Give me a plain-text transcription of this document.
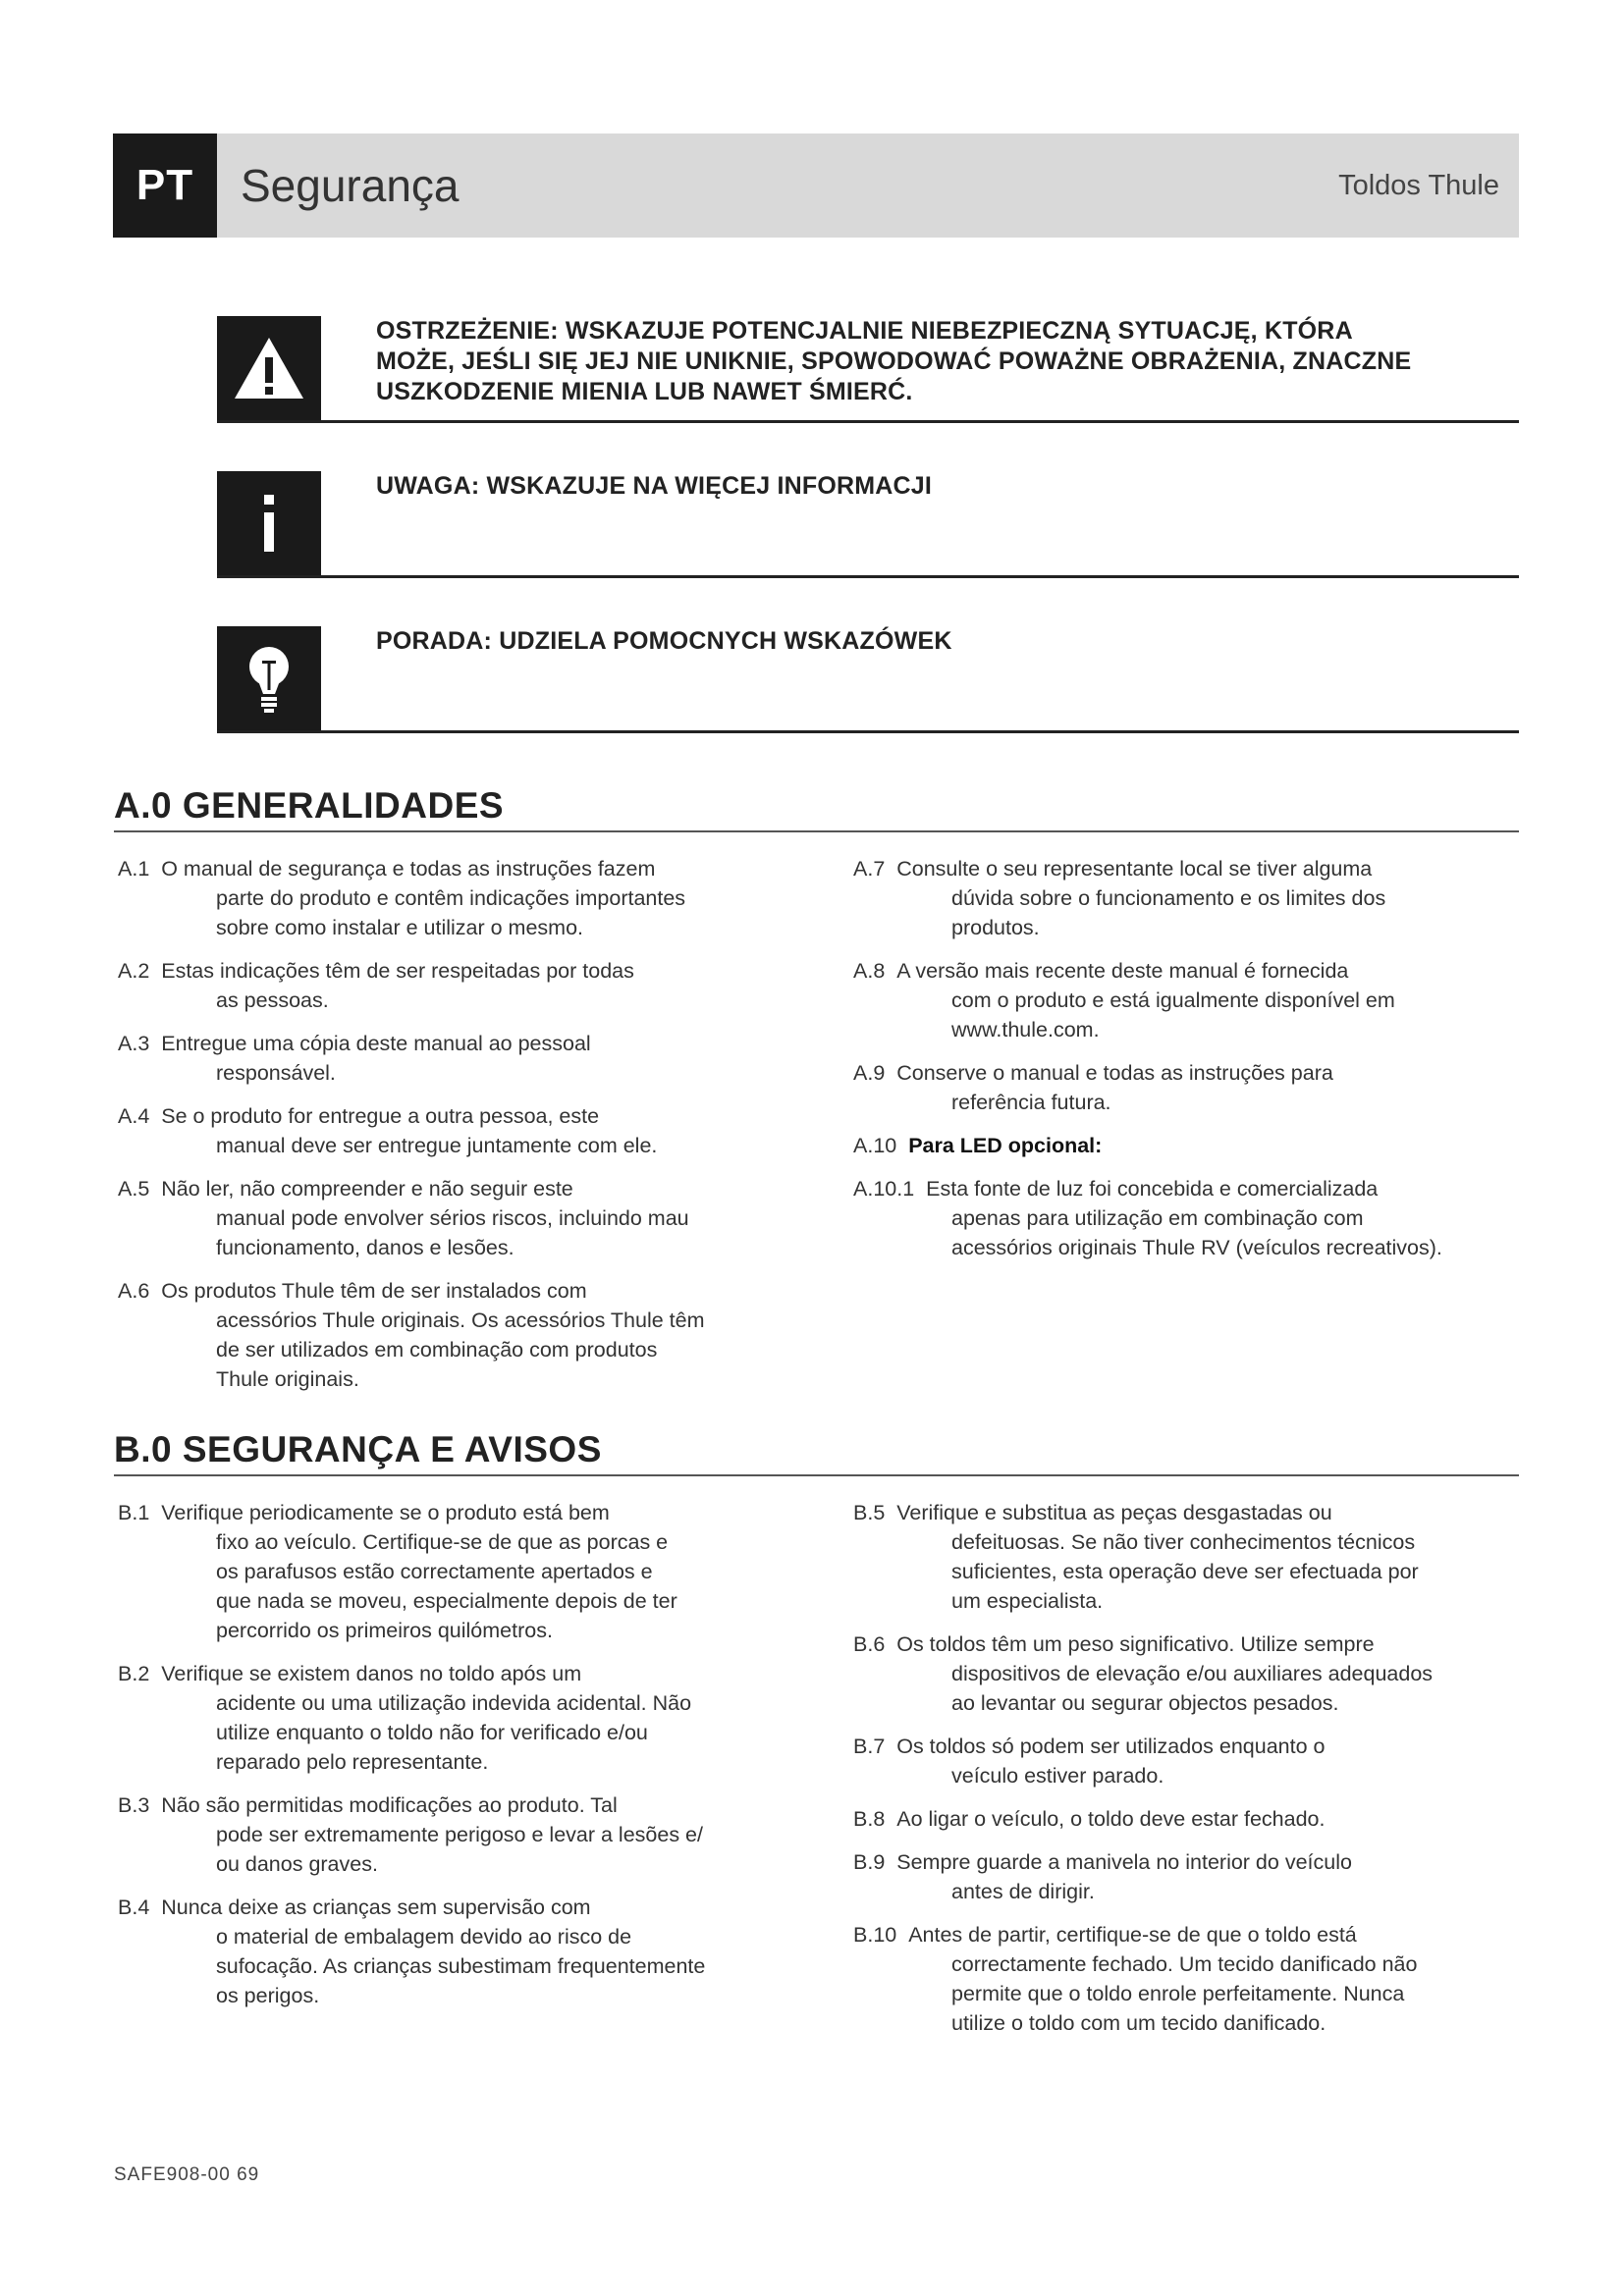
PT	Segurança	Toldos Thule
OSTRZEŻENIE: WSKAZUJE POTENCJALNIE NIEBEZPIECZNĄ SYTUACJĘ, KTÓRA
MOŻE, JEŚLI SIĘ JEJ NIE UNIKNIE, SPOWODOWAĆ POWAŻNE OBRAŻENIA, ZNACZNE
USZKODZENIE MIENIA LUB NAWET ŚMIERĆ.
UWAGA: WSKAZUJE NA WIĘCEJ INFORMACJI
PORADA: UDZIELA POMOCNYCH WSKAZÓWEK
A.0 GENERALIDADES
A.1 O manual de segurança e todas as instruções fazem
parte do produto e contêm indicações importantes
sobre como instalar e utilizar o mesmo.
A.2 Estas indicações têm de ser respeitadas por todas
as pessoas.
A.3 Entregue uma cópia deste manual ao pessoal
responsável.
A.4 Se o produto for entregue a outra pessoa, este
manual deve ser entregue juntamente com ele.
A.5 Não ler, não compreender e não seguir este
manual pode envolver sérios riscos, incluindo mau
funcionamento, danos e lesões.
A.6 Os produtos Thule têm de ser instalados com
acessórios Thule originais. Os acessórios Thule têm
de ser utilizados em combinação com produtos
Thule originais.
A.7 Consulte o seu representante local se tiver alguma
dúvida sobre o funcionamento e os limites dos
produtos.
A.8 A versão mais recente deste manual é fornecida
com o produto e está igualmente disponível em
www.thule.com.
A.9 Conserve o manual e todas as instruções para
referência futura.
A.10 Para LED opcional:
A.10.1 Esta fonte de luz foi concebida e comercializada
apenas para utilização em combinação com
acessórios originais Thule RV (veículos recreativos).
B.0 SEGURANÇA E AVISOS
B.1 Verifique periodicamente se o produto está bem
fixo ao veículo. Certifique-se de que as porcas e
os parafusos estão correctamente apertados e
que nada se moveu, especialmente depois de ter
percorrido os primeiros quilómetros.
B.2 Verifique se existem danos no toldo após um
acidente ou uma utilização indevida acidental. Não
utilize enquanto o toldo não for verificado e/ou
reparado pelo representante.
B.3 Não são permitidas modificações ao produto. Tal
pode ser extremamente perigoso e levar a lesões e/
ou danos graves.
B.4 Nunca deixe as crianças sem supervisão com
o material de embalagem devido ao risco de
sufocação. As crianças subestimam frequentemente
os perigos.
B.5 Verifique e substitua as peças desgastadas ou
defeituosas. Se não tiver conhecimentos técnicos
suficientes, esta operação deve ser efectuada por
um especialista.
B.6 Os toldos têm um peso significativo. Utilize sempre
dispositivos de elevação e/ou auxiliares adequados
ao levantar ou segurar objectos pesados.
B.7 Os toldos só podem ser utilizados enquanto o
veículo estiver parado.
B.8 Ao ligar o veículo, o toldo deve estar fechado.
B.9 Sempre guarde a manivela no interior do veículo
antes de dirigir.
B.10 Antes de partir, certifique-se de que o toldo está
correctamente fechado. Um tecido danificado não
permite que o toldo enrole perfeitamente. Nunca
utilize o toldo com um tecido danificado.
SAFE908-00 69
